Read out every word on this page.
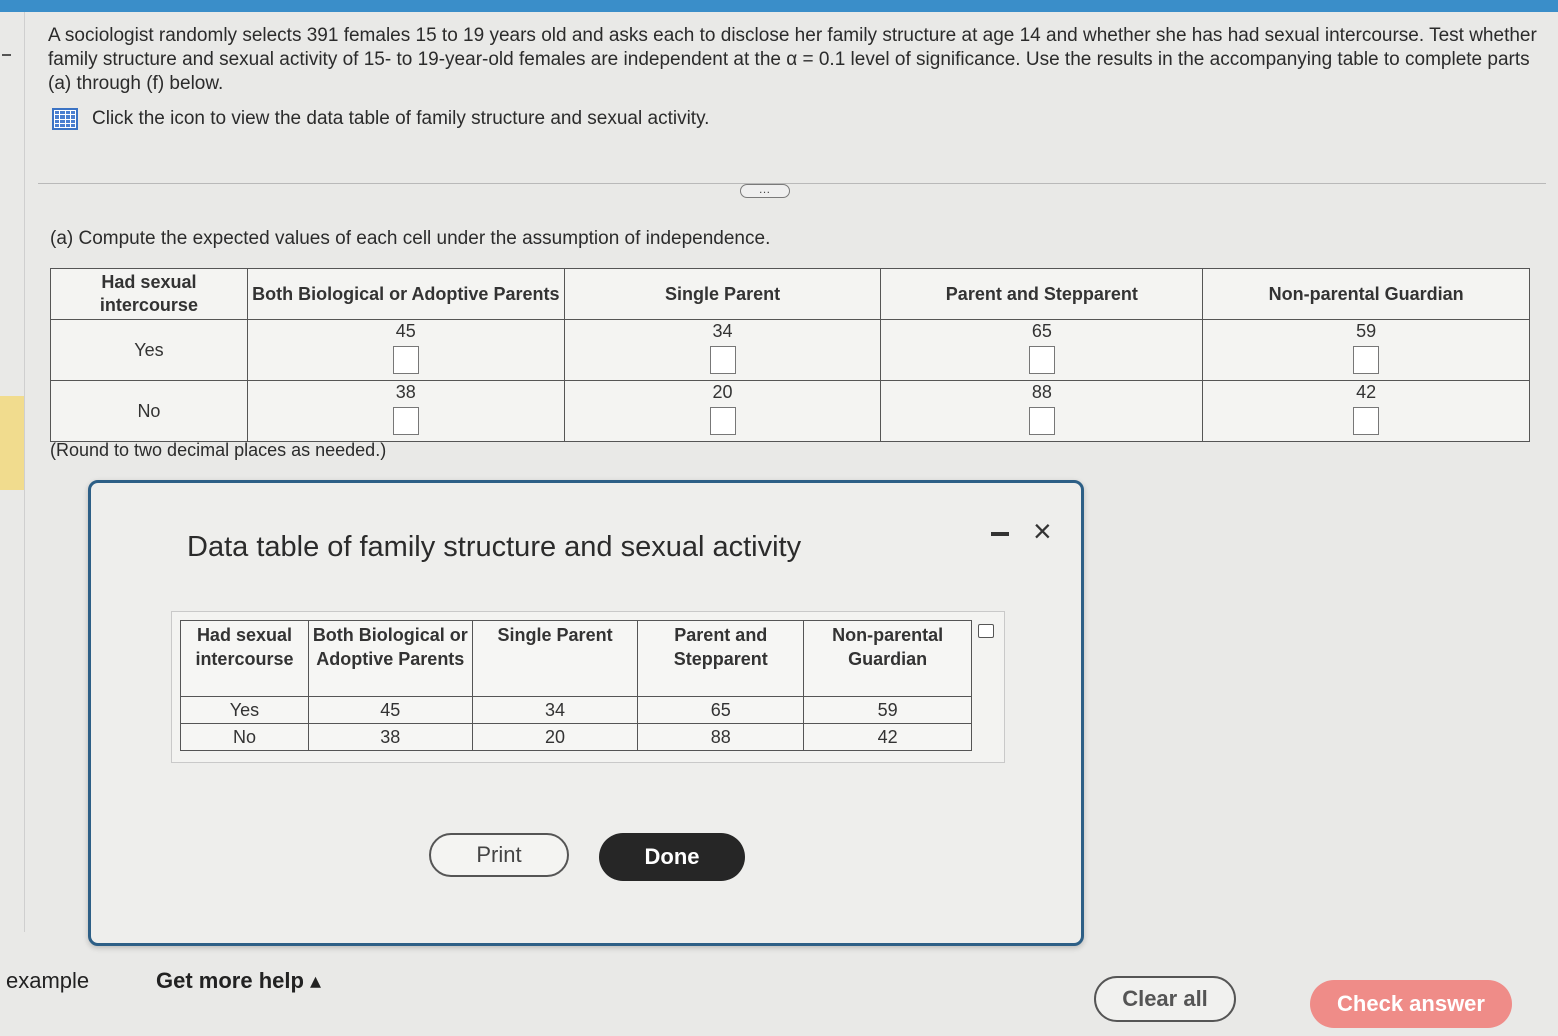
A sociologist randomly selects 391 females 15 to 19 years old and asks each to disclose her family structure at age 14 and whether she has had sexual intercourse. Test whether family structure and sexual activity of 15- to 19-year-old females are independent at the α = 0.1 level of significance. Use the results in the accompanying table to complete parts (a) through (f) below.
Click the icon to view the data table of family structure and sexual activity.
…
(a) Compute the expected values of each cell under the assumption of independence.
Had sexual intercourse	Both Biological or Adoptive Parents	Single Parent	Parent and Stepparent	Non-parental Guardian
Yes	45	34	65	59

No	38	20	88	42
(Round to two decimal places as needed.)
Data table of family structure and sexual activity	×
Had sexual intercourse	Both Biological or Adoptive Parents	Single Parent	Parent and Stepparent	Non-parental Guardian
Yes	45	34	65	59
No	38	20	88	42
Print	Done
example	Get more help ▴
Clear all	Check answer
